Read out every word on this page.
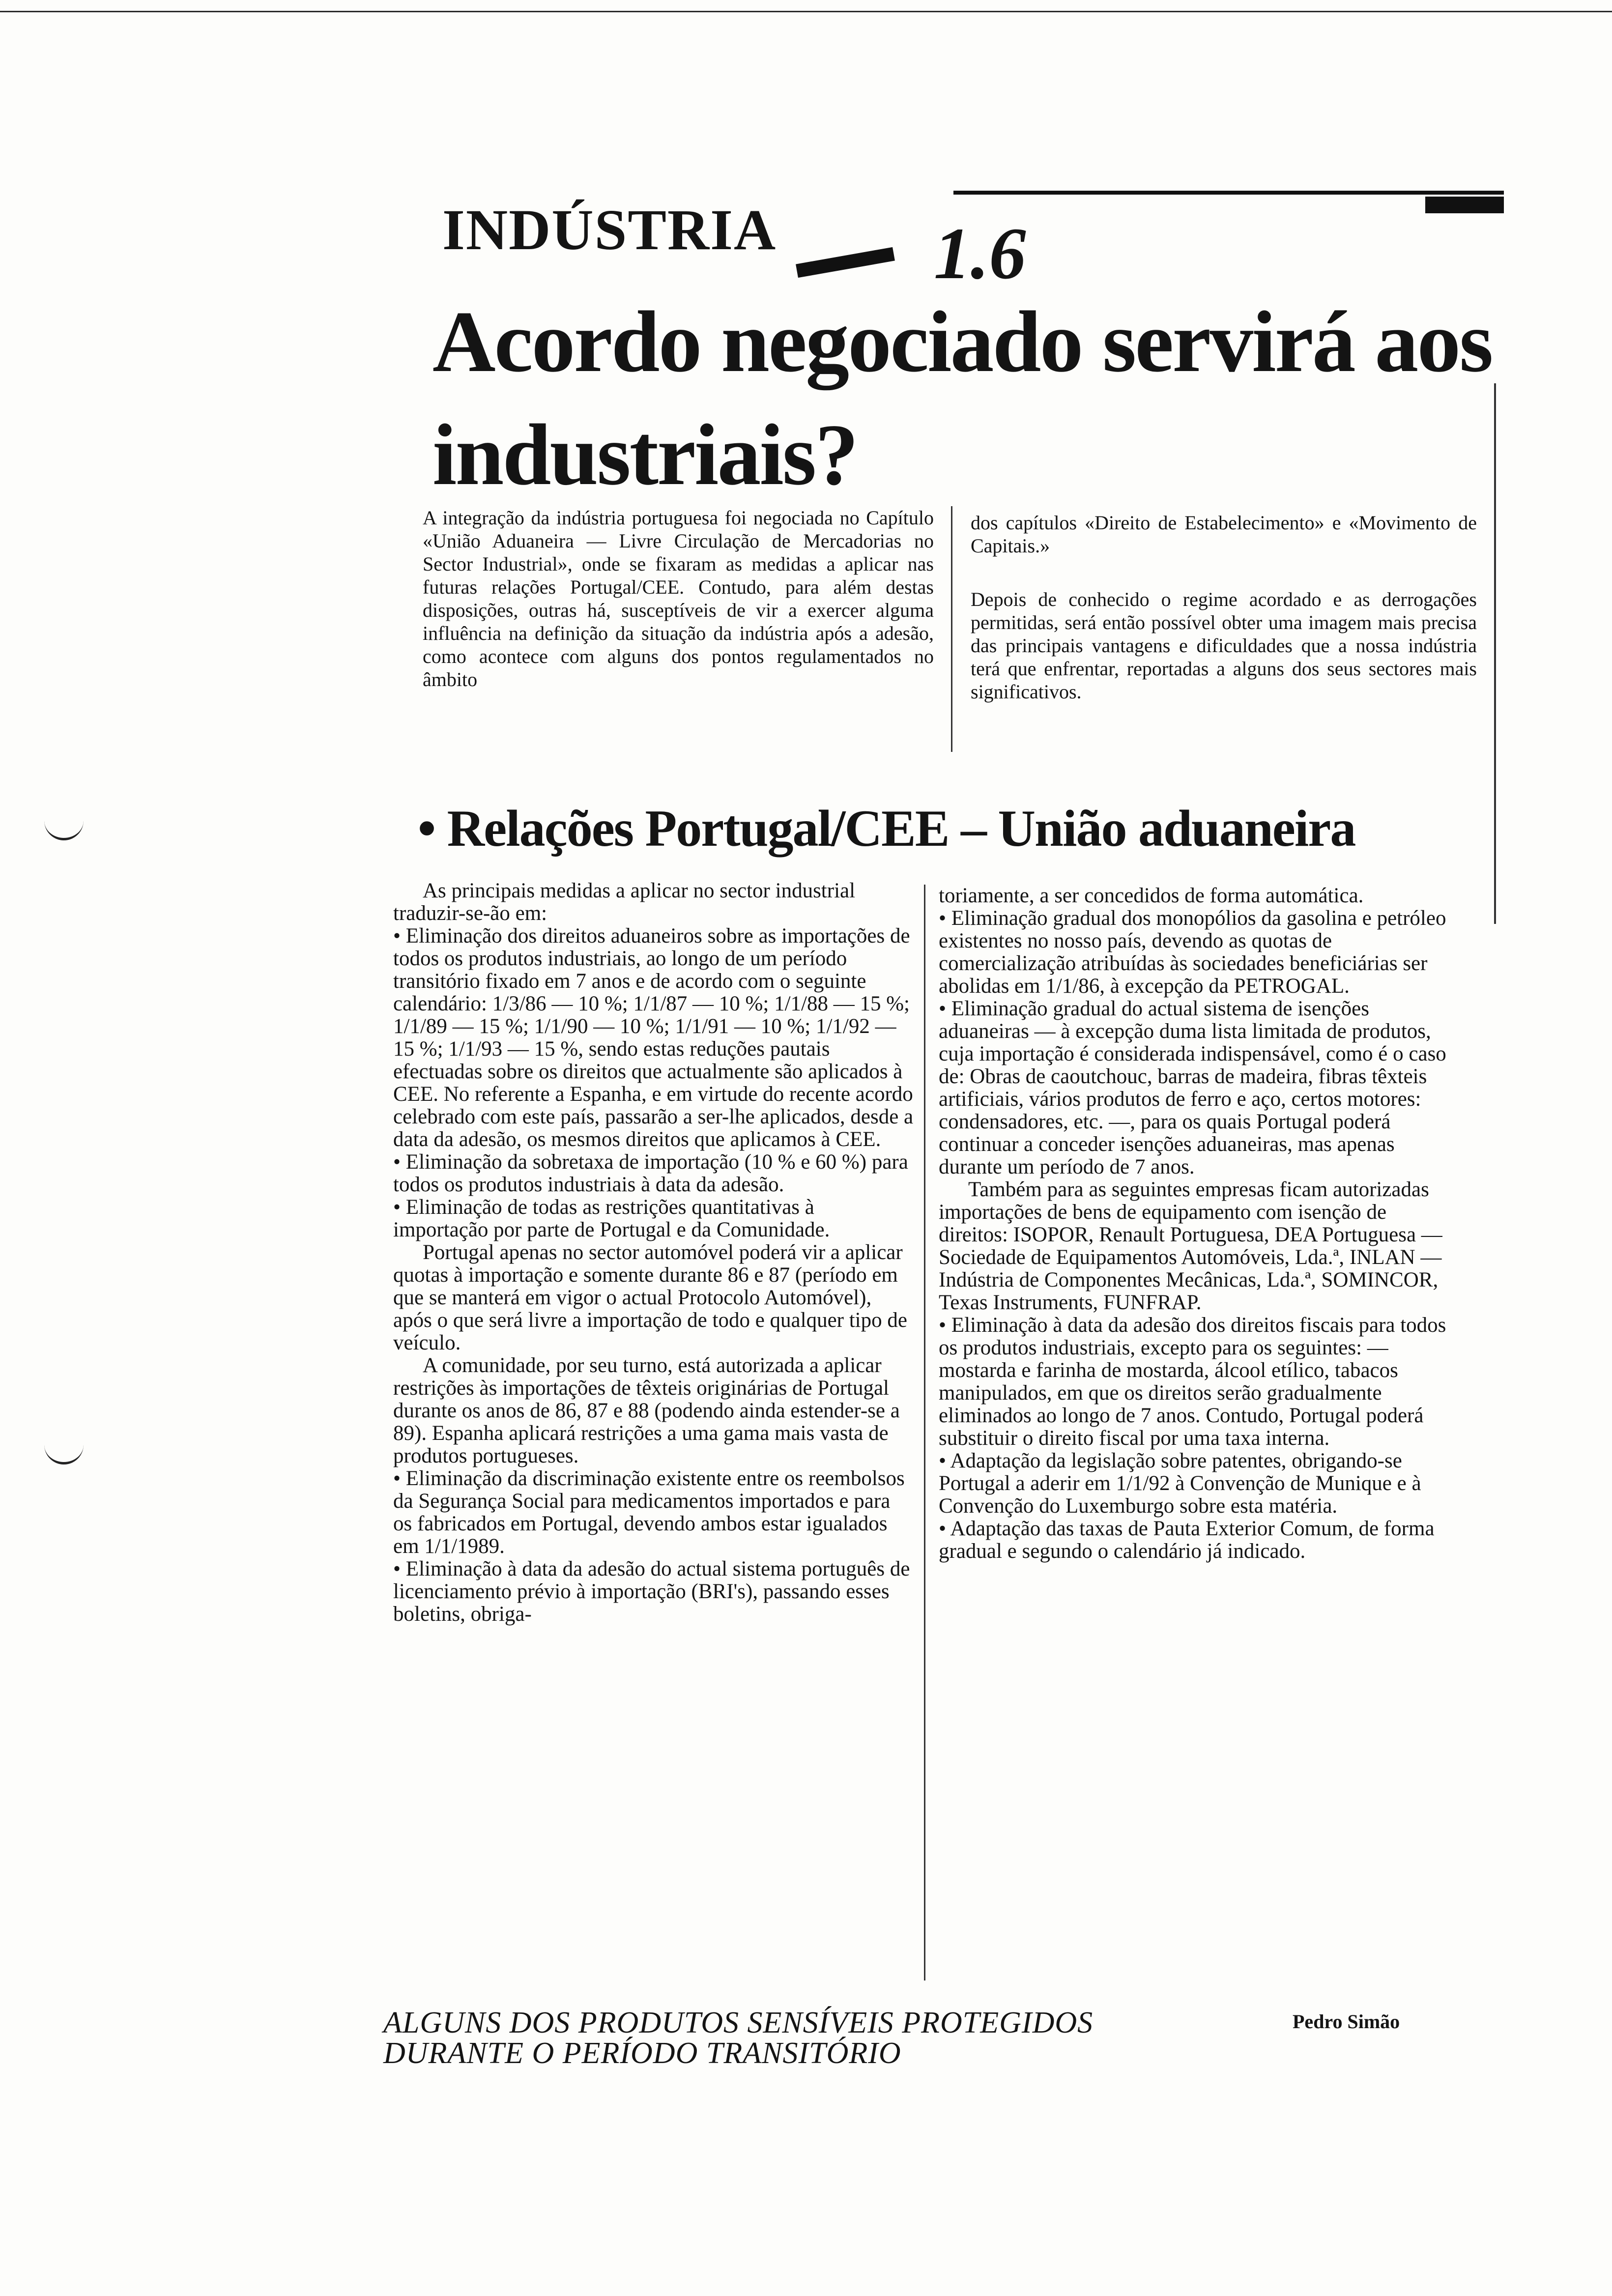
INDÚSTRIA 1.6
Acordo negociado servirá aos industriais?

A integração da indústria portuguesa foi negociada no Capítulo «União Aduaneira — Livre Circulação de Mercadorias no Sector Industrial», onde se fixaram as medidas a aplicar nas futuras relações Portugal/CEE. Contudo, para além destas disposições, outras há, susceptíveis de vir a exercer alguma influência na definição da situação da indústria após a adesão, como acontece com alguns dos pontos regulamentados no âmbito

dos capítulos «Direito de Estabelecimento» e «Movimento de Capitais.»

Depois de conhecido o regime acordado e as derrogações permitidas, será então possível obter uma imagem mais precisa das principais vantagens e dificuldades que a nossa indústria terá que enfrentar, reportadas a alguns dos seus sectores mais significativos.

• Relações Portugal/CEE – União aduaneira

As principais medidas a aplicar no sector industrial traduzir-se-ão em:

• Eliminação dos direitos aduaneiros sobre as importações de todos os produtos industriais, ao longo de um período transitório fixado em 7 anos e de acordo com o seguinte calendário: 1/3/86 — 10 %; 1/1/87 — 10 %; 1/1/88 — 15 %; 1/1/89 — 15 %; 1/1/90 — 10 %; 1/1/91 — 10 %; 1/1/92 — 15 %; 1/1/93 — 15 %, sendo estas reduções pautais efectuadas sobre os direitos que actualmente são aplicados à CEE. No referente a Espanha, e em virtude do recente acordo celebrado com este país, passarão a ser-lhe aplicados, desde a data da adesão, os mesmos direitos que aplicamos à CEE.

• Eliminação da sobretaxa de importação (10 % e 60 %) para todos os produtos industriais à data da adesão.

• Eliminação de todas as restrições quantitativas à importação por parte de Portugal e da Comunidade.

Portugal apenas no sector automóvel poderá vir a aplicar quotas à importação e somente durante 86 e 87 (período em que se manterá em vigor o actual Protocolo Automóvel), após o que será livre a importação de todo e qualquer tipo de veículo.

A comunidade, por seu turno, está autorizada a aplicar restrições às importações de têxteis originárias de Portugal durante os anos de 86, 87 e 88 (podendo ainda estender-se a 89). Espanha aplicará restrições a uma gama mais vasta de produtos portugueses.

• Eliminação da discriminação existente entre os reembolsos da Segurança Social para medicamentos importados e para os fabricados em Portugal, devendo ambos estar igualados em 1/1/1989.

• Eliminação à data da adesão do actual sistema português de licenciamento prévio à importação (BRI's), passando esses boletins, obriga-

toriamente, a ser concedidos de forma automática.

• Eliminação gradual dos monopólios da gasolina e petróleo existentes no nosso país, devendo as quotas de comercialização atribuídas às sociedades beneficiárias ser abolidas em 1/1/86, à excepção da PETROGAL.

• Eliminação gradual do actual sistema de isenções aduaneiras — à excepção duma lista limitada de produtos, cuja importação é considerada indispensável, como é o caso de: Obras de caoutchouc, barras de madeira, fibras têxteis artificiais, vários produtos de ferro e aço, certos motores: condensadores, etc. —, para os quais Portugal poderá continuar a conceder isenções aduaneiras, mas apenas durante um período de 7 anos.

Também para as seguintes empresas ficam autorizadas importações de bens de equipamento com isenção de direitos: ISOPOR, Renault Portuguesa, DEA Portuguesa — Sociedade de Equipamentos Automóveis, Lda.ª, INLAN — Indústria de Componentes Mecânicas, Lda.ª, SOMINCOR, Texas Instruments, FUNFRAP.

• Eliminação à data da adesão dos direitos fiscais para todos os produtos industriais, excepto para os seguintes: — mostarda e farinha de mostarda, álcool etílico, tabacos manipulados, em que os direitos serão gradualmente eliminados ao longo de 7 anos. Contudo, Portugal poderá substituir o direito fiscal por uma taxa interna.

• Adaptação da legislação sobre patentes, obrigando-se Portugal a aderir em 1/1/92 à Convenção de Munique e à Convenção do Luxemburgo sobre esta matéria.

• Adaptação das taxas de Pauta Exterior Comum, de forma gradual e segundo o calendário já indicado.

Pedro Simão

ALGUNS DOS PRODUTOS SENSÍVEIS PROTEGIDOS DURANTE O PERÍODO TRANSITÓRIO
